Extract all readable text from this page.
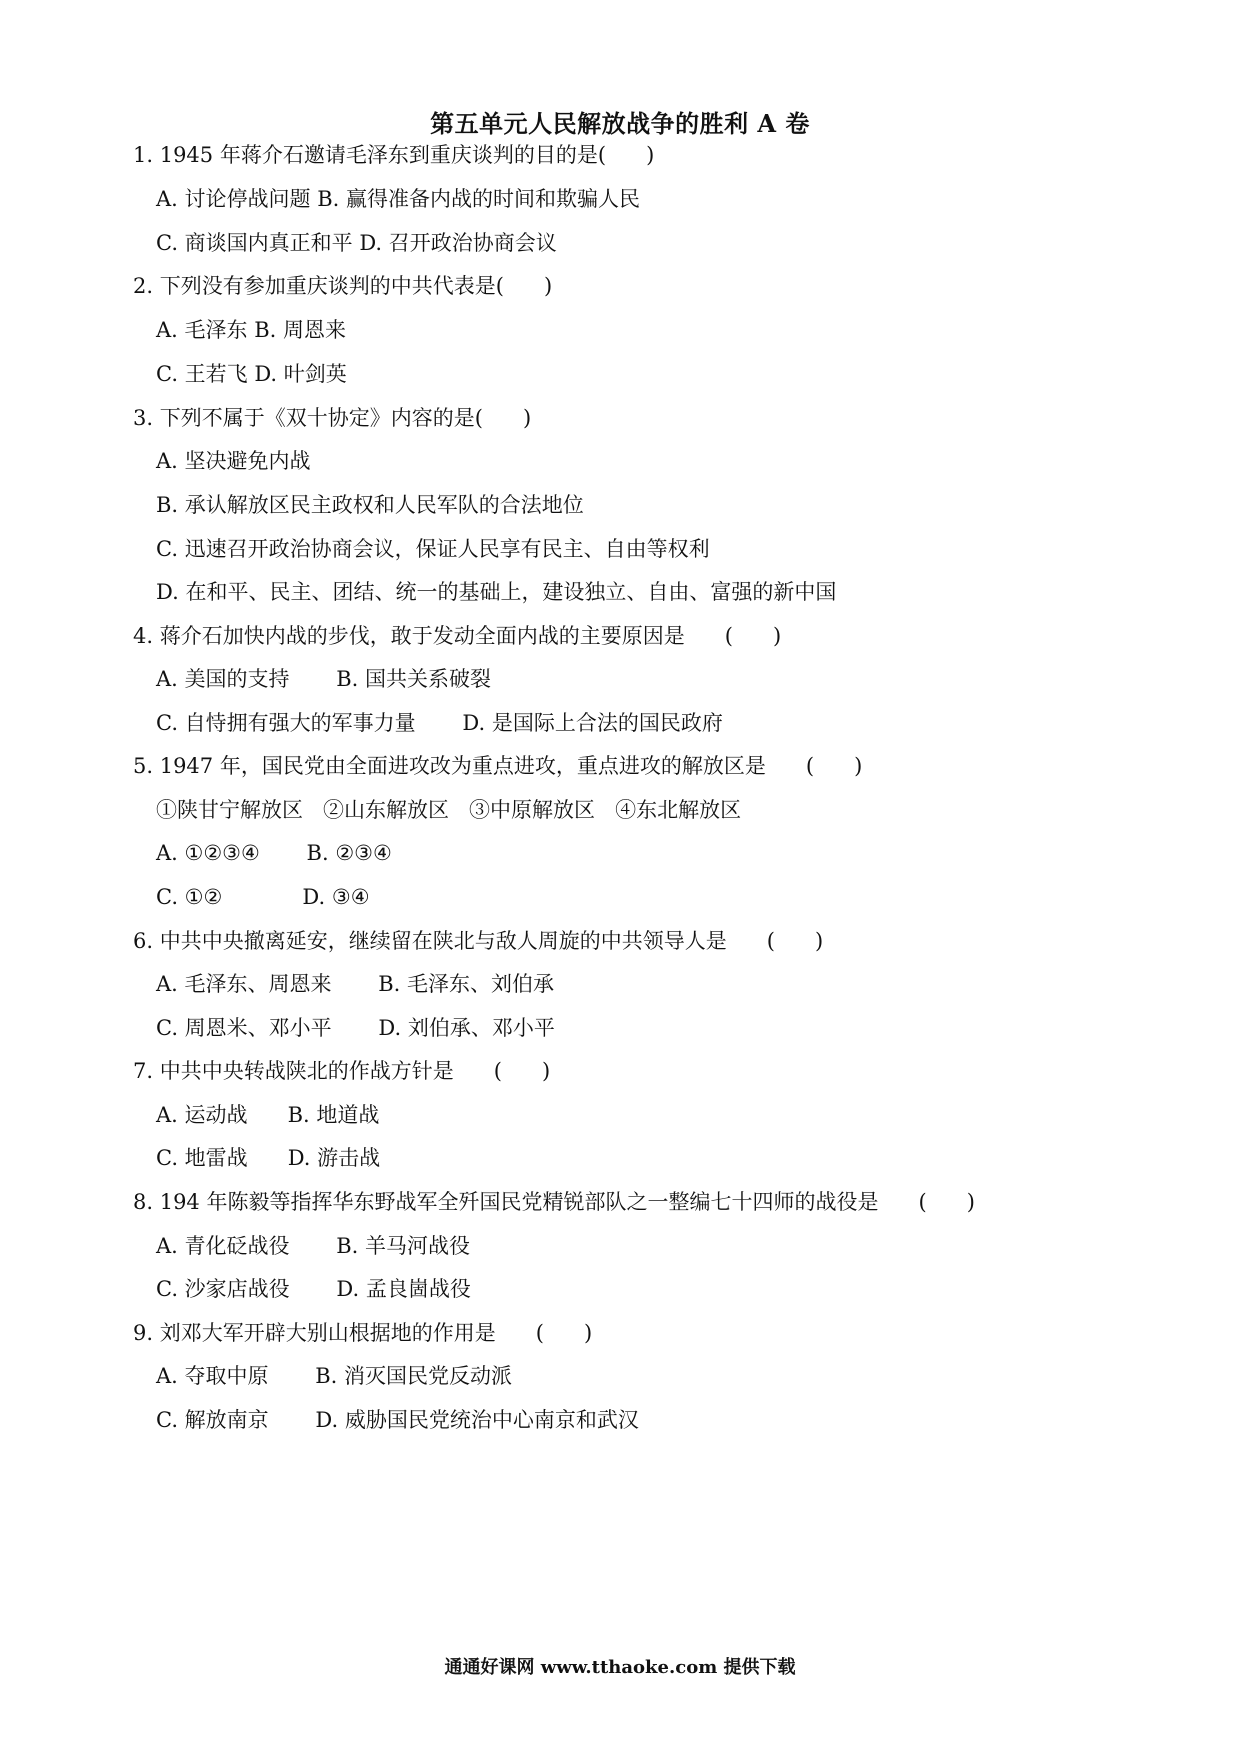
第五单元人民解放战争的胜利 A 卷
1. 1945 年蒋介石邀请毛泽东到重庆谈判的目的是(      )
A. 讨论停战问题 B. 赢得准备内战的时间和欺骗人民
C. 商谈国内真正和平 D. 召开政治协商会议
2. 下列没有参加重庆谈判的中共代表是(      )
A. 毛泽东 B. 周恩来
C. 王若飞 D. 叶剑英
3. 下列不属于《双十协定》内容的是(      )
A. 坚决避免内战
B. 承认解放区民主政权和人民军队的合法地位
C. 迅速召开政治协商会议，保证人民享有民主、自由等权利
D. 在和平、民主、团结、统一的基础上，建设独立、自由、富强的新中国
4. 蒋介石加快内战的步伐，敢于发动全面内战的主要原因是      (      )
A. 美国的支持       B. 国共关系破裂
C. 自恃拥有强大的军事力量       D. 是国际上合法的国民政府
5. 1947 年，国民党由全面进攻改为重点进攻，重点进攻的解放区是      (      )
①陕甘宁解放区   ②山东解放区   ③中原解放区   ④东北解放区
A. ①②③④       B. ②③④
C. ①②            D. ③④
6. 中共中央撤离延安，继续留在陕北与敌人周旋的中共领导人是      (      )
A. 毛泽东、周恩来       B. 毛泽东、刘伯承
C. 周恩米、邓小平       D. 刘伯承、邓小平
7. 中共中央转战陕北的作战方针是      (      )
A. 运动战      B. 地道战
C. 地雷战      D. 游击战
8. 194 年陈毅等指挥华东野战军全歼国民党精锐部队之一整编七十四师的战役是      (      )
A. 青化砭战役       B. 羊马河战役
C. 沙家店战役       D. 孟良崮战役
9. 刘邓大军开辟大别山根据地的作用是      (      )
A. 夺取中原       B. 消灭国民党反动派
C. 解放南京       D. 威胁国民党统治中心南京和武汉
通通好课网 www.tthaoke.com 提供下载
